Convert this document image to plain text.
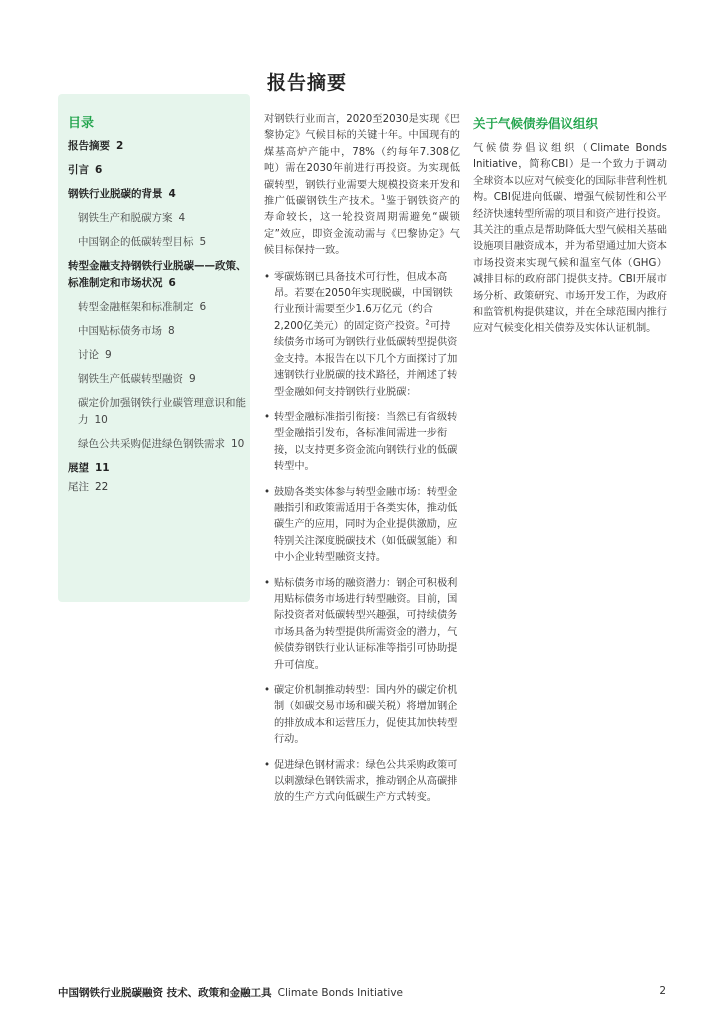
报告摘要
目录
报告摘要 2
引言 6
钢铁行业脱碳的背景 4
钢铁生产和脱碳方案 4
中国钢企的低碳转型目标 5
转型金融支持钢铁行业脱碳——政策、标准制定和市场状况 6
转型金融框架和标准制定 6
中国贴标债务市场 8
讨论 9
钢铁生产低碳转型融资 9
碳定价加强钢铁行业碳管理意识和能力 10
绿色公共采购促进绿色钢铁需求 10
展望 11
尾注 22

对钢铁行业而言，2020至2030是实现《巴黎协定》气候目标的关键十年。中国现有的煤基高炉产能中，78%（约每年7.308亿吨）需在2030年前进行再投资。为实现低碳转型，钢铁行业需要大规模投资来开发和推广低碳钢铁生产技术。$^1$鉴于钢铁资产的寿命较长，这一轮投资周期需避免“碳锁定”效应，即资金流动需与《巴黎协定》气候目标保持一致。

• 零碳炼钢已具备技术可行性，但成本高昂。若要在2050年实现脱碳，中国钢铁行业预计需要至少1.6万亿元（约合2,200亿美元）的固定资产投资。$^2$可持续债务市场可为钢铁行业低碳转型提供资金支持。本报告在以下几个方面探讨了加速钢铁行业脱碳的技术路径，并阐述了转型金融如何支持钢铁行业脱碳：
• 转型金融标准指引衔接：当然已有省级转型金融指引发布，各标准间需进一步衔接，以支持更多资金流向钢铁行业的低碳转型中。
• 鼓励各类实体参与转型金融市场：转型金融指引和政策需适用于各类实体，推动低碳生产的应用，同时为企业提供激励，应特别关注深度脱碳技术（如低碳氢能）和中小企业转型融资支持。
• 贴标债务市场的融资潜力：钢企可积极利用贴标债务市场进行转型融资。目前，国际投资者对低碳转型兴趣强，可持续债务市场具备为转型提供所需资金的潜力，气候债券钢铁行业认证标准等指引可协助提升可信度。
• 碳定价机制推动转型：国内外的碳定价机制（如碳交易市场和碳关税）将增加钢企的排放成本和运营压力，促使其加快转型行动。
• 促进绿色钢材需求：绿色公共采购政策可以刺激绿色钢铁需求，推动钢企从高碳排放的生产方式向低碳生产方式转变。
关于气候债券倡议组织

气候债券倡议组织（Climate Bonds Initiative，简称CBI）是一个致力于调动全球资本以应对气候变化的国际非营利性机构。CBI促进向低碳、增强气候韧性和公平经济快速转型所需的项目和资产进行投资。其关注的重点是帮助降低大型气候相关基础设施项目融资成本，并为希望通过加大资本市场投资来实现气候和温室气体（GHG）减排目标的政府部门提供支持。CBI开展市场分析、政策研究、市场开发工作，为政府和监管机构提供建议，并在全球范围内推行应对气候变化相关债券及实体认证机制。

中国钢铁行业脱碳融资 技术、政策和金融工具 Climate Bonds Initiative	2
